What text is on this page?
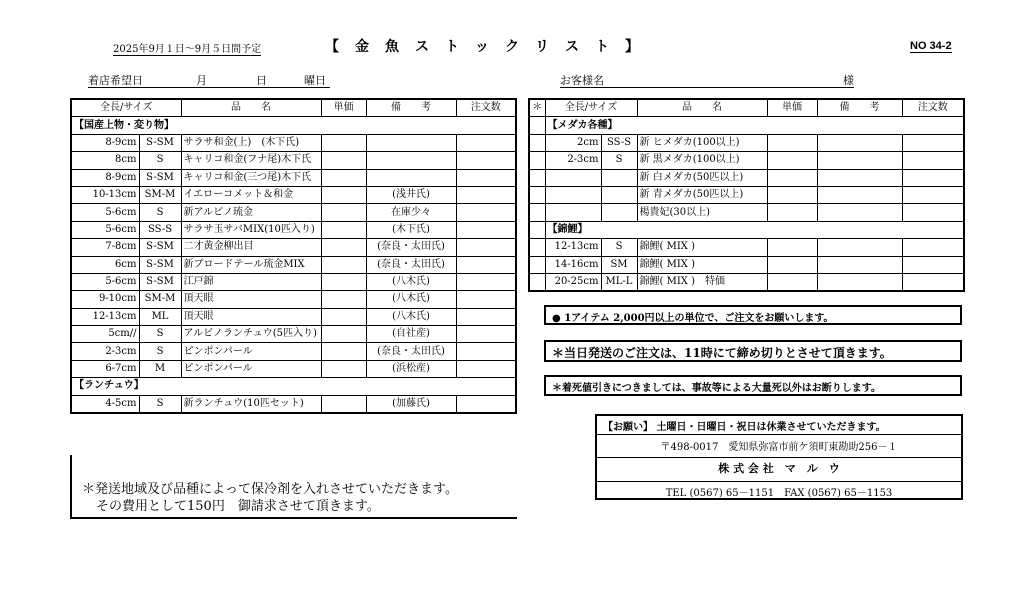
2025年9月１日〜9月５日間予定	【　金　魚　ス　ト　ッ　ク　リ　ス　ト　】	NO 34-2
着店希望日	月	日	曜日	お客様名	様
全長/サイズ		品　　名	単価	備　　考	注文数
【国産上物・変り物】					
8-9cm	S-SM	サラサ和金(上)　(木下氏)			
8cm	S	キャリコ和金(フナ尾)木下氏			
8-9cm	S-SM	キャリコ和金(三つ尾)木下氏			
10-13cm	SM-M	イエローコメット＆和金		(浅井氏)	
5-6cm	S	新アルビノ琉金		在庫少々	
5-6cm	SS-S	サラサ玉サバMIX(10匹入り)		(木下氏)	
7-8cm	S-SM	二才黄金柳出目		(奈良・太田氏)	
6cm	S-SM	新ブロードテール琉金MIX		(奈良・太田氏)	
5-6cm	S-SM	江戸錦		(八木氏)	
9-10cm	SM-M	頂天眼		(八木氏)	
12-13cm	ML	頂天眼		(八木氏)	
5cm//	S	アルビノランチュウ(5匹入り)		(自社産)	
2-3cm	S	ピンポンパール		(奈良・太田氏)	
6-7cm	M	ピンポンパール		(浜松産)	
【ランチュウ】					
4-5cm	S	新ランチュウ(10匹セット)		(加藤氏)	
＊	全長/サイズ		品　　名	単価	備　　考	注文数
	【メダカ各種】					
	2cm	SS-S	新 ヒメダカ(100以上)			
	2-3cm	S	新 黒メダカ(100以上)			
			新 白メダカ(50匹以上)			
			新 青メダカ(50匹以上)			
			楊貴妃(30以上)			
	【錦鯉】					
	12-13cm	S	錦鯉( MIX )			
	14-16cm	SM	錦鯉( MIX )			
	20-25cm	ML-L	錦鯉( MIX )　特価			
● 1アイテム 2,000円以上の単位で、ご注文をお願いします。
＊当日発送のご注文は、11時にて締め切りとさせて頂きます。
＊着死値引きにつきましては、事故等による大量死以外はお断りします。
【お願い】 土曜日・日曜日・祝日は休業させていただきます。
〒498-0017　愛知県弥富市前ケ須町東勘助256－１
株 式 会 社　マ　ル　ウ
TEL (0567) 65－1151　FAX (0567) 65－1153
＊発送地域及び品種によって保冷剤を入れさせていただきます。
その費用として150円　御請求させて頂きます。
